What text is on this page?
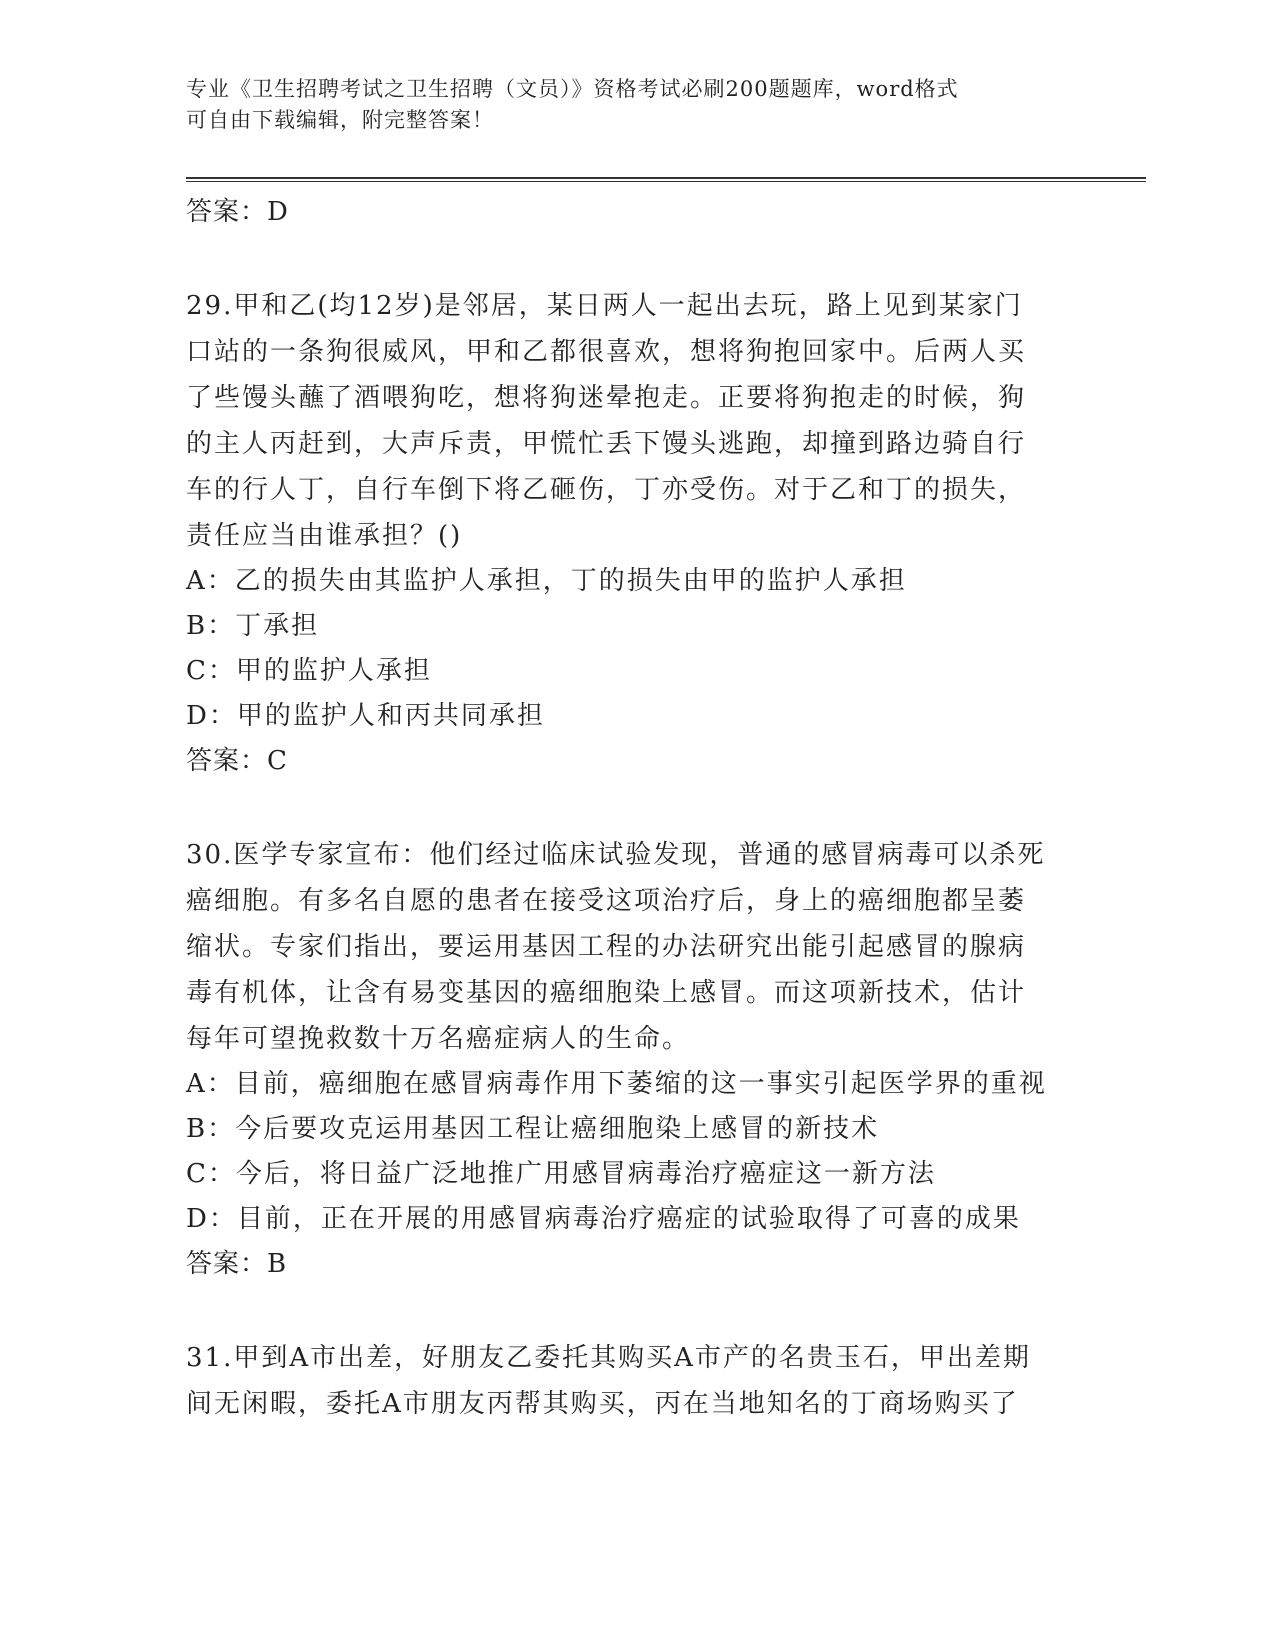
专业《卫生招聘考试之卫生招聘（文员）》资格考试必刷200题题库，word格式
可自由下载编辑，附完整答案！
答案：D
29.甲和乙(均12岁)是邻居，某日两人一起出去玩，路上见到某家门
口站的一条狗很威风，甲和乙都很喜欢，想将狗抱回家中。后两人买
了些馒头蘸了酒喂狗吃，想将狗迷晕抱走。正要将狗抱走的时候，狗
的主人丙赶到，大声斥责，甲慌忙丢下馒头逃跑，却撞到路边骑自行
车的行人丁，自行车倒下将乙砸伤，丁亦受伤。对于乙和丁的损失，
责任应当由谁承担？()
A：乙的损失由其监护人承担，丁的损失由甲的监护人承担
B：丁承担
C：甲的监护人承担
D：甲的监护人和丙共同承担
答案：C
30.医学专家宣布：他们经过临床试验发现，普通的感冒病毒可以杀死
癌细胞。有多名自愿的患者在接受这项治疗后，身上的癌细胞都呈萎
缩状。专家们指出，要运用基因工程的办法研究出能引起感冒的腺病
毒有机体，让含有易变基因的癌细胞染上感冒。而这项新技术，估计
每年可望挽救数十万名癌症病人的生命。
A：目前，癌细胞在感冒病毒作用下萎缩的这一事实引起医学界的重视
B：今后要攻克运用基因工程让癌细胞染上感冒的新技术
C：今后，将日益广泛地推广用感冒病毒治疗癌症这一新方法
D：目前，正在开展的用感冒病毒治疗癌症的试验取得了可喜的成果
答案：B
31.甲到A市出差，好朋友乙委托其购买A市产的名贵玉石，甲出差期
间无闲暇，委托A市朋友丙帮其购买，丙在当地知名的丁商场购买了
